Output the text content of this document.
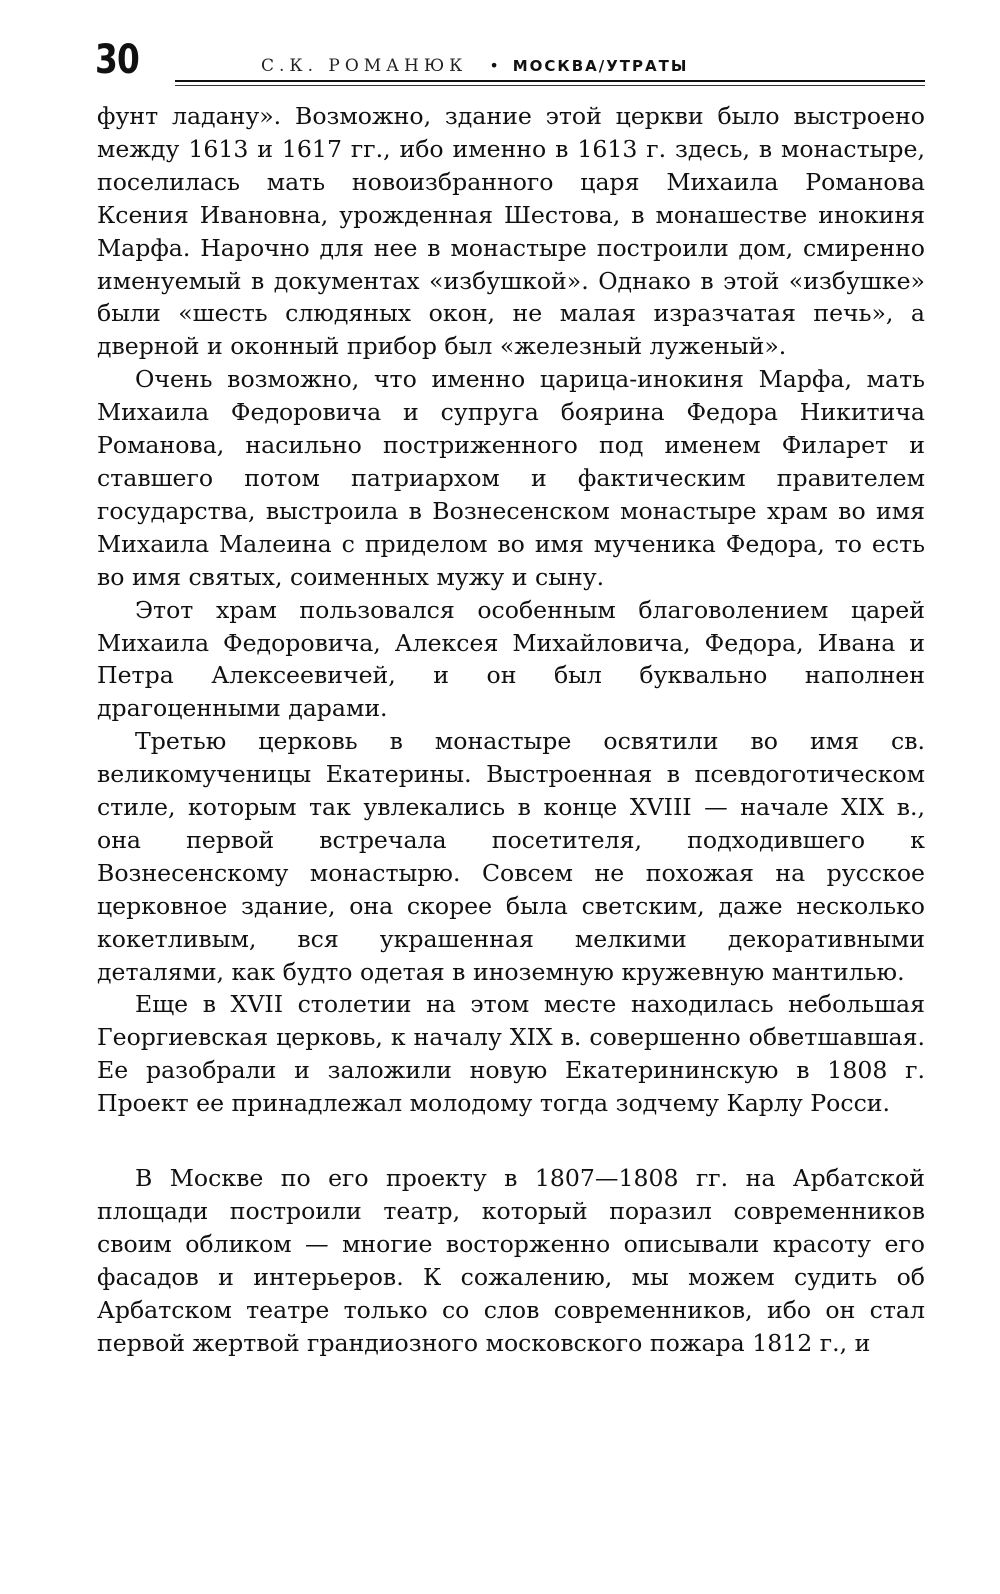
30	С.К. РОМАНЮК • МОСКВА/УТРАТЫ

фунт ладану». Возможно, здание этой церкви было выстроено между 1613 и 1617 гг., ибо именно в 1613 г. здесь, в монастыре, поселилась мать новоизбранного царя Михаила Романова Ксения Ивановна, урожденная Шестова, в монашестве инокиня Марфа. Нарочно для нее в монастыре построили дом, смиренно именуемый в документах «избушкой». Однако в этой «избушке» были «шесть слюдяных окон, не малая изразчатая печь», а дверной и оконный прибор был «железный луженый».

Очень возможно, что именно царица-инокиня Марфа, мать Михаила Федоровича и супруга боярина Федора Никитича Романова, насильно постриженного под именем Филарет и ставшего потом патриархом и фактическим правителем государства, выстроила в Вознесенском монастыре храм во имя Михаила Малеина с приделом во имя мученика Федора, то есть во имя святых, соименных мужу и сыну.

Этот храм пользовался особенным благоволением царей Михаила Федоровича, Алексея Михайловича, Федора, Ивана и Петра Алексеевичей, и он был буквально наполнен драгоценными дарами.

Третью церковь в монастыре освятили во имя св. великомученицы Екатерины. Выстроенная в псевдоготическом стиле, которым так увлекались в конце XVIII — начале XIX в., она первой встречала посетителя, подходившего к Вознесенскому монастырю. Совсем не похожая на русское церковное здание, она скорее была светским, даже несколько кокетливым, вся украшенная мелкими декоративными деталями, как будто одетая в иноземную кружевную мантилью.

Еще в XVII столетии на этом месте находилась небольшая Георгиевская церковь, к началу XIX в. совершенно обветшавшая. Ее разобрали и заложили новую Екатерининскую в 1808 г. Проект ее принадлежал молодому тогда зодчему Карлу Росси.

В Москве по его проекту в 1807—1808 гг. на Арбатской площади построили театр, который поразил современников своим обликом — многие восторженно описывали красоту его фасадов и интерьеров. К сожалению, мы можем судить об Арбатском театре только со слов современников, ибо он стал первой жертвой грандиозного московского пожара 1812 г., и
